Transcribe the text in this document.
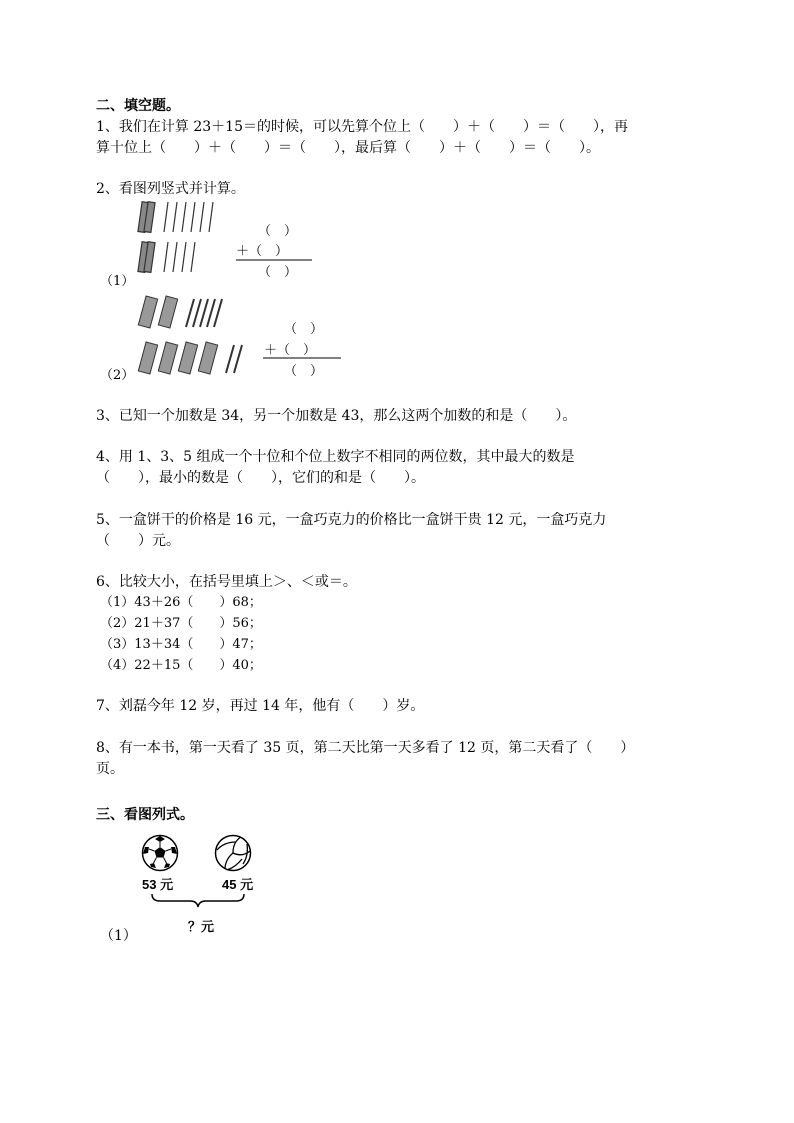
二、填空题。
1、我们在计算 23＋15＝的时候，可以先算个位上（　　）＋（　　）＝（　　），再
算十位上（　　）＋（　　）＝（　　），最后算（　　）＋（　　）＝（　　）。
2、看图列竖式并计算。
（1）
（　）
＋（　）
（　）
（2）
（　）
＋（　）
（　）
3、已知一个加数是 34，另一个加数是 43，那么这两个加数的和是（　　）。
4、用 1、3、5 组成一个十位和个位上数字不相同的两位数，其中最大的数是
（　　），最小的数是（　　），它们的和是（　　）。
5、一盒饼干的价格是 16 元，一盒巧克力的价格比一盒饼干贵 12 元，一盒巧克力
（　　）元。
6、比较大小，在括号里填上＞、＜或＝。
（1）43＋26（　　）68；
（2）21＋37（　　）56；
（3）13＋34（　　）47；
（4）22＋15（　　）40；
7、刘磊今年 12 岁，再过 14 年，他有（　　）岁。
8、有一本书，第一天看了 35 页，第二天比第一天多看了 12 页，第二天看了（　　）
页。
三、看图列式。
53 元	45 元
（1）
？元
